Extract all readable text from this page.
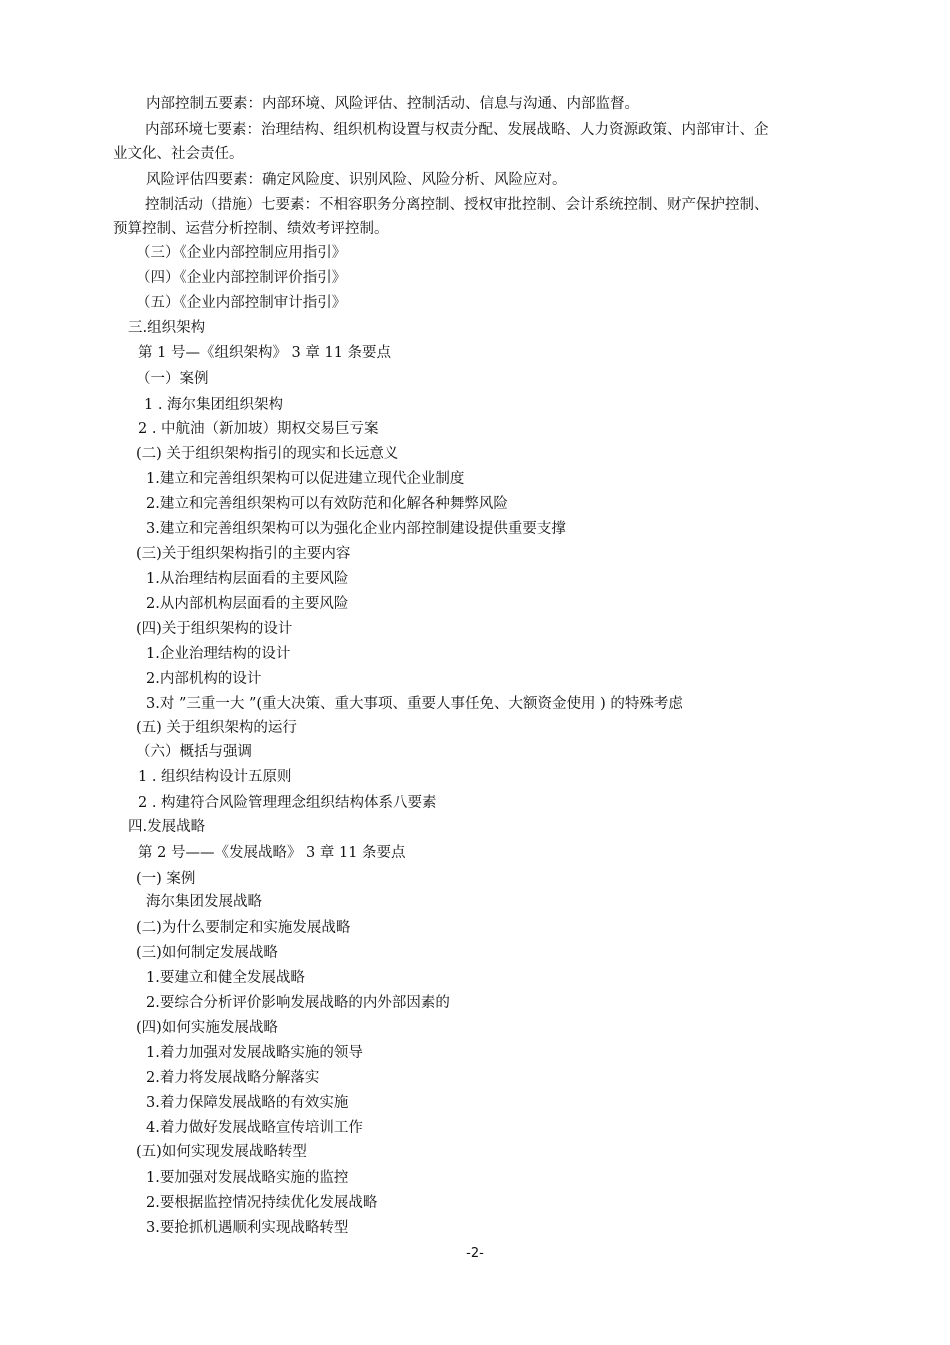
内部控制五要素：内部环境、风险评估、控制活动、信息与沟通、内部监督。
内部环境七要素：治理结构、组织机构设置与权责分配、发展战略、人力资源政策、内部审计、企业文化、社会责任。
风险评估四要素：确定风险度、识别风险、风险分析、风险应对。
控制活动（措施）七要素：不相容职务分离控制、授权审批控制、会计系统控制、财产保护控制、预算控制、运营分析控制、绩效考评控制。
（三）《企业内部控制应用指引》
（四）《企业内部控制评价指引》
（五）《企业内部控制审计指引》
三.组织架构
第 1 号—《组织架构》 3 章 11 条要点
（一）案例
1 . 海尔集团组织架构
2 . 中航油（新加坡）期权交易巨亏案
(二) 关于组织架构指引的现实和长远意义
1.建立和完善组织架构可以促进建立现代企业制度
2.建立和完善组织架构可以有效防范和化解各种舞弊风险
3.建立和完善组织架构可以为强化企业内部控制建设提供重要支撑
(三)关于组织架构指引的主要内容
1.从治理结构层面看的主要风险
2.从内部机构层面看的主要风险
(四)关于组织架构的设计
1.企业治理结构的设计
2.内部机构的设计
3.对 ”三重一大 ”(重大决策、重大事项、重要人事任免、大额资金使用 ) 的特殊考虑
(五) 关于组织架构的运行
（六）概括与强调
1 . 组织结构设计五原则
2 . 构建符合风险管理理念组织结构体系八要素
四.发展战略
第 2 号——《发展战略》 3 章 11 条要点
(一) 案例
海尔集团发展战略
(二)为什么要制定和实施发展战略
(三)如何制定发展战略
1.要建立和健全发展战略
2.要综合分析评价影响发展战略的内外部因素的
(四)如何实施发展战略
1.着力加强对发展战略实施的领导
2.着力将发展战略分解落实
3.着力保障发展战略的有效实施
4.着力做好发展战略宣传培训工作
(五)如何实现发展战略转型
1.要加强对发展战略实施的监控
2.要根据监控情况持续优化发展战略
3.要抢抓机遇顺利实现战略转型
-2-
